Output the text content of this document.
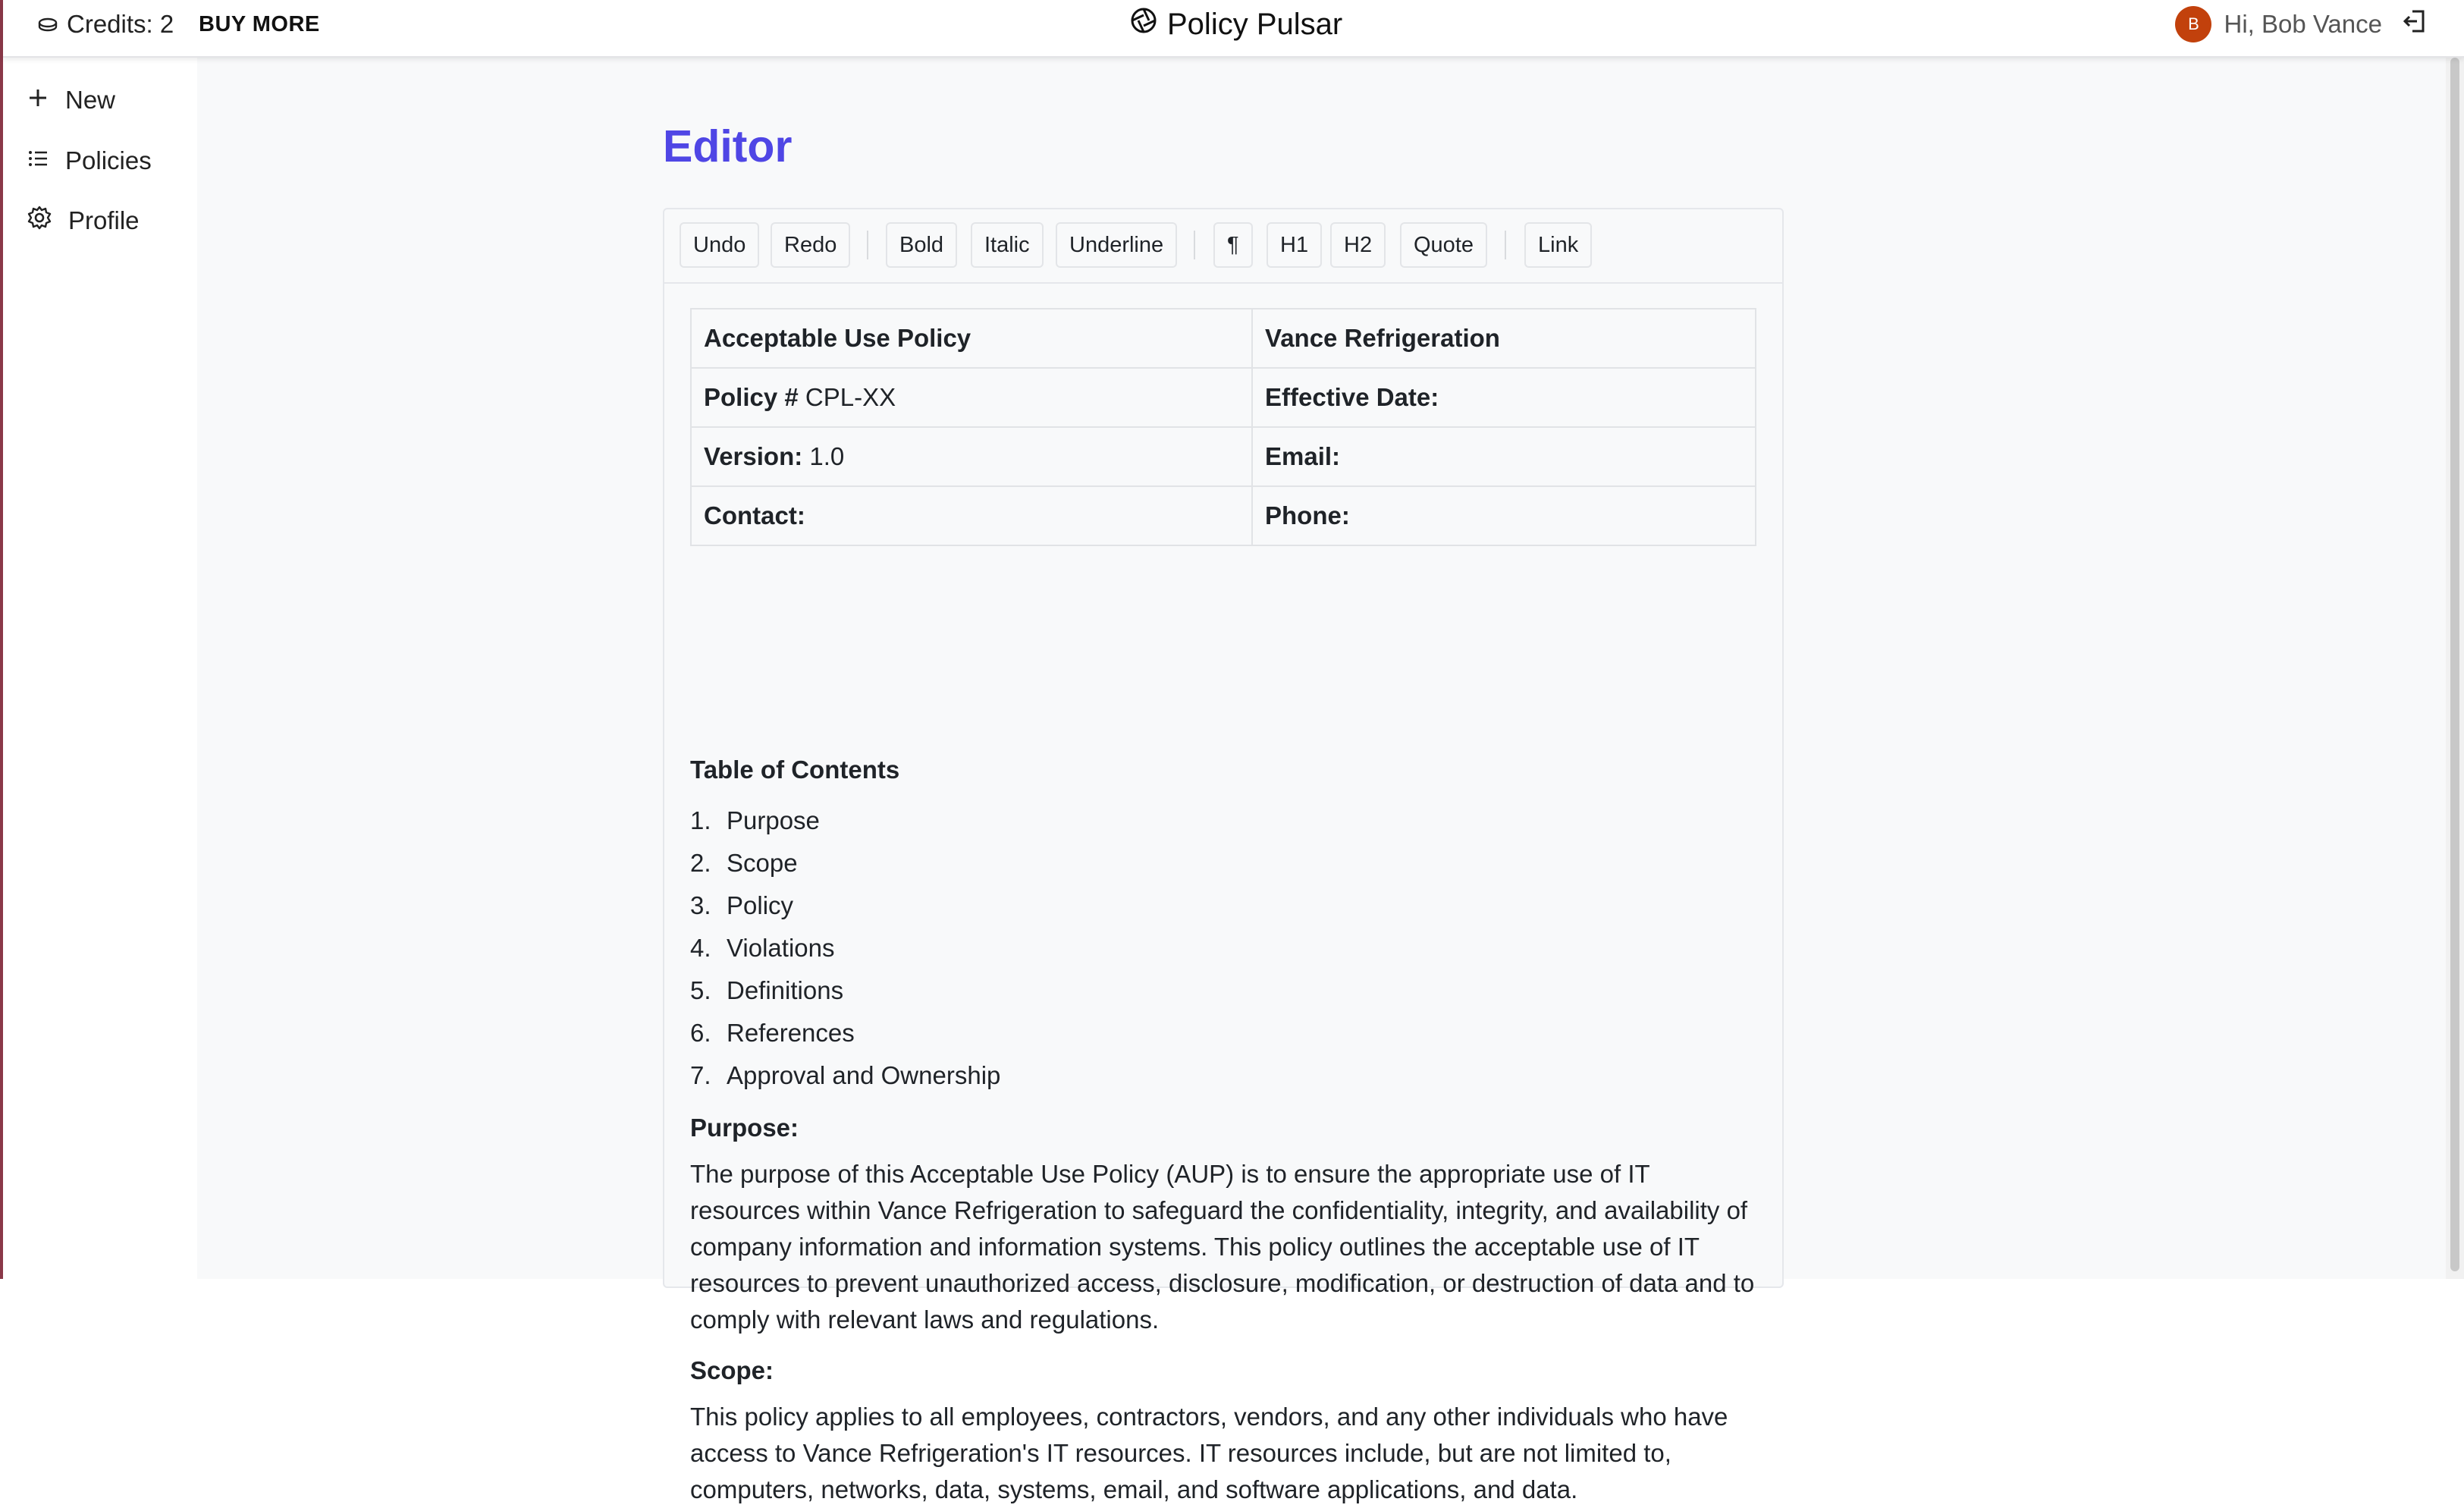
Credits: 2 BUY MORE	Policy Pulsar	B Hi, Bob Vance
New
Policies
Profile
Editor
Undo	Redo	Bold	Italic	Underline	¶	H1	H2	Quote	Link
Acceptable Use Policy	Vance Refrigeration
Policy # CPL-XX	Effective Date:
Version: 1.0	Email:
Contact:	Phone:
Table of Contents
1. Purpose
2. Scope
3. Policy
4. Violations
5. Definitions
6. References
7. Approval and Ownership
Purpose:

The purpose of this Acceptable Use Policy (AUP) is to ensure the appropriate use of IT resources within Vance Refrigeration to safeguard the confidentiality, integrity, and availability of company information and information systems. This policy outlines the acceptable use of IT resources to prevent unauthorized access, disclosure, modification, or destruction of data and to comply with relevant laws and regulations.

Scope:

This policy applies to all employees, contractors, vendors, and any other individuals who have access to Vance Refrigeration's IT resources. IT resources include, but are not limited to, computers, networks, data, systems, email, and software applications, and data.
